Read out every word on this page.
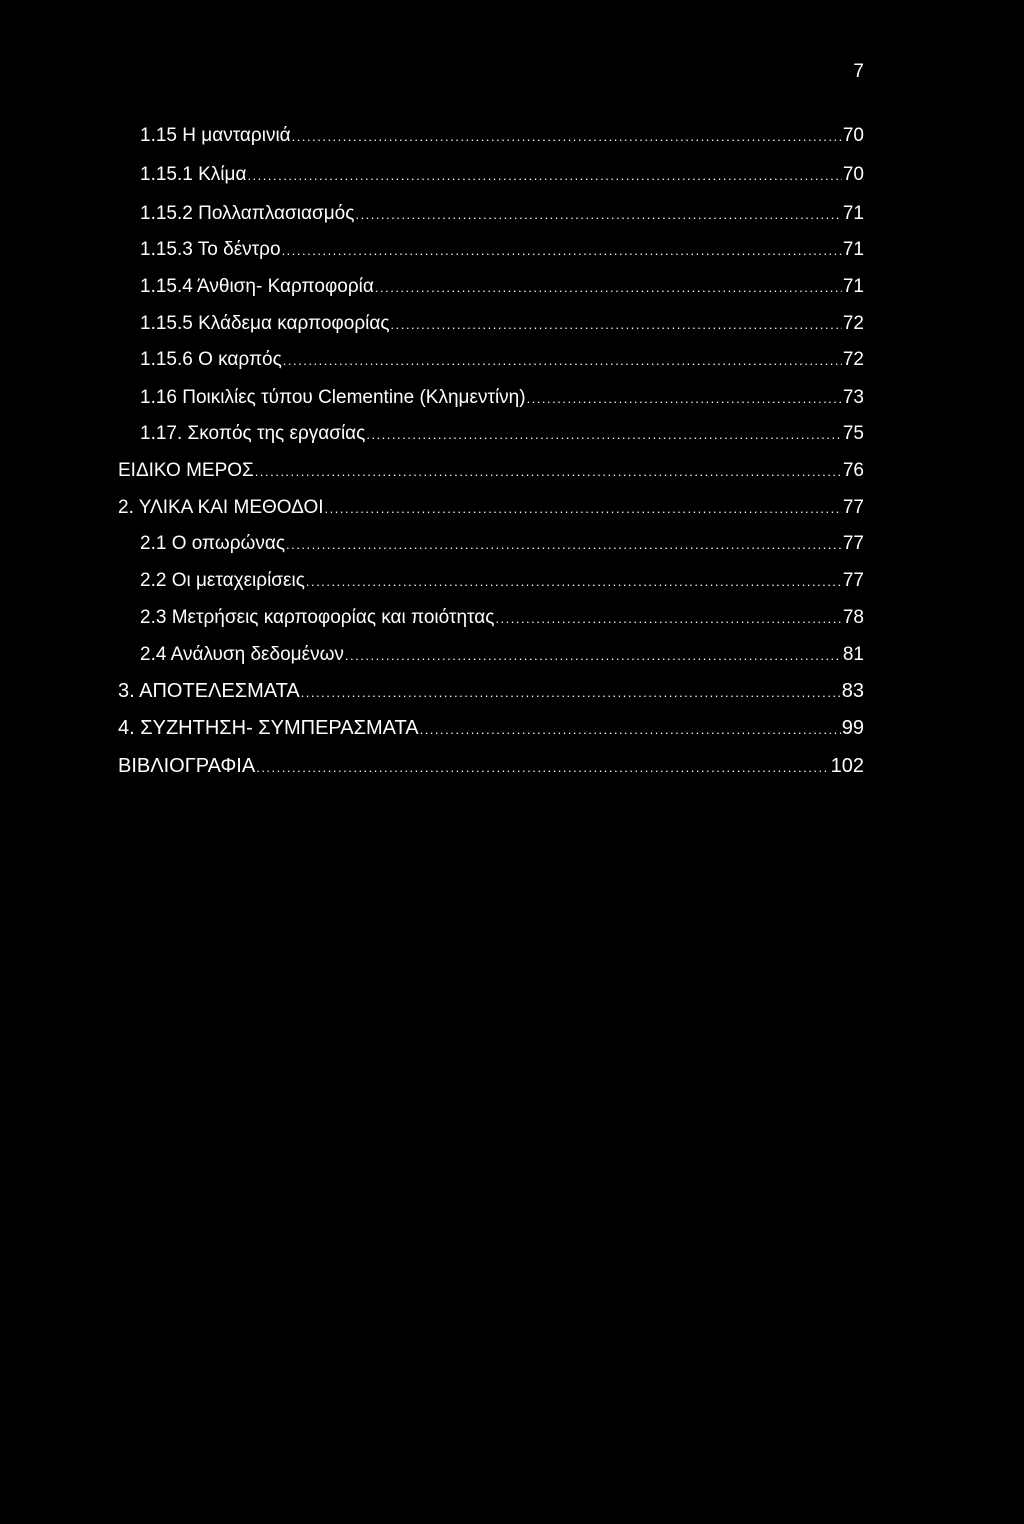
7
1.15 Η μανταρινιά .....	70
1.15.1 Κλίμα .....	70
1.15.2 Πολλαπλασιασμός .....	71
1.15.3 Το δέντρο .....	71
1.15.4 Άνθιση- Καρποφορία .....	71
1.15.5 Κλάδεμα καρποφορίας .....	72
1.15.6 Ο καρπός .....	72
1.16 Ποικιλίες τύπου Clementine (Κλημεντίνη) .....	73
1.17. Σκοπός της εργασίας .....	75
ΕΙΔΙΚΟ ΜΕΡΟΣ .....	76
2. ΥΛΙΚΑ ΚΑΙ ΜΕΘΟΔΟΙ .....	77
2.1 Ο οπωρώνας .....	77
2.2 Οι μεταχειρίσεις .....	77
2.3 Μετρήσεις καρποφορίας και ποιότητας .....	78
2.4 Ανάλυση δεδομένων .....	81
3. ΑΠΟΤΕΛΕΣΜΑΤΑ .....	83
4. ΣΥΖΗΤΗΣΗ- ΣΥΜΠΕΡΑΣΜΑΤΑ .....	99
ΒΙΒΛΙΟΓΡΑΦΙΑ .....	102
